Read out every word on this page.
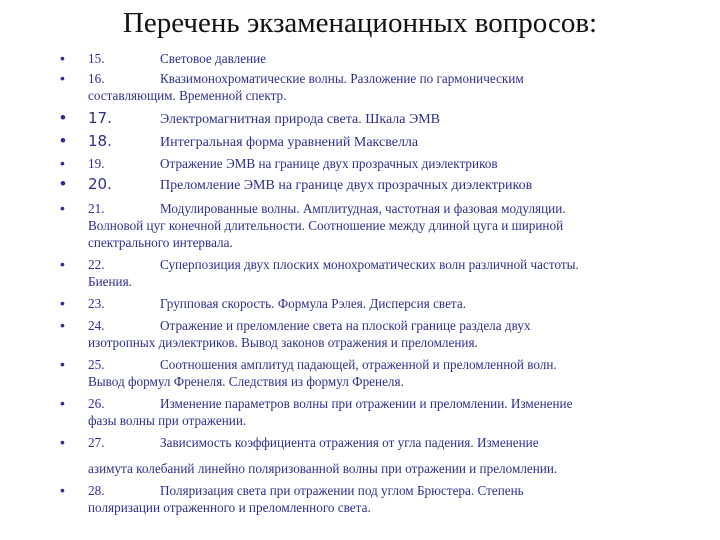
Перечень экзаменационных вопросов:
• 15.	Световое давление
• 16.	Квазимонохроматические волны. Разложение по гармоническим
составляющим. Временной спектр.
• 17.	Электромагнитная природа света. Шкала ЭМВ
• 18.	Интегральная форма уравнений Максвелла
• 19.	Отражение ЭМВ на границе двух прозрачных диэлектриков
• 20.	Преломление ЭМВ на границе двух прозрачных диэлектриков
• 21.	Модулированные волны. Амплитудная, частотная и фазовая модуляции.
Волновой цуг конечной длительности. Соотношение между длиной цуга и шириной
спектрального интервала.
• 22.	Суперпозиция двух плоских монохроматических волн различной частоты.
Биения.
• 23.	Групповая скорость. Формула Рэлея. Дисперсия света.
• 24.	Отражение и преломление света на плоской границе раздела двух
изотропных диэлектриков. Вывод законов отражения и преломления.
• 25.	Соотношения амплитуд падающей, отраженной и преломленной волн.
Вывод формул Френеля. Следствия из формул Френеля.
• 26.	Изменение параметров волны при отражении и преломлении. Изменение
фазы волны при отражении.
• 27.	Зависимость коэффициента отражения от угла падения. Изменение
азимута колебаний линейно поляризованной волны при отражении и преломлении.
• 28.	Поляризация света при отражении под углом Брюстера. Степень
поляризации отраженного и преломленного света.
